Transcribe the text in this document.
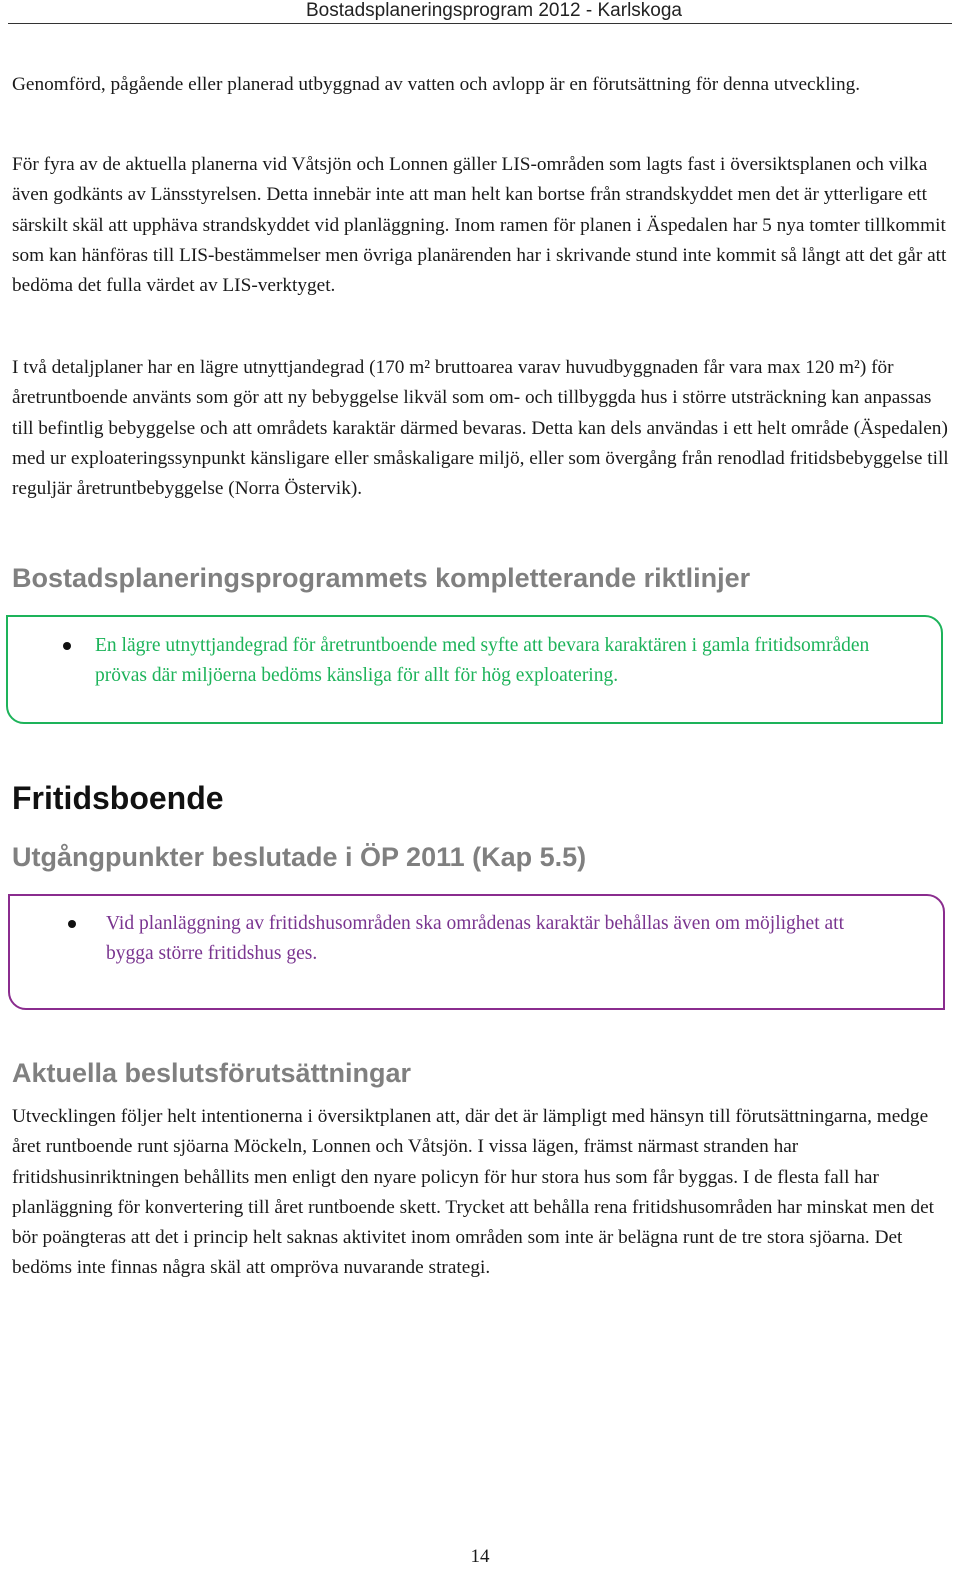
Bostadsplaneringsprogram 2012 - Karlskoga

Genomförd, pågående eller planerad utbyggnad av vatten och avlopp är en förutsättning för denna utveckling.

För fyra av de aktuella planerna vid Våtsjön och Lonnen gäller LIS-områden som lagts fast i översiktsplanen och vilka även godkänts av Länsstyrelsen. Detta innebär inte att man helt kan bortse från strandskyddet men det är ytterligare ett särskilt skäl att upphäva strandskyddet vid planläggning. Inom ramen för planen i Äspedalen har 5 nya tomter tillkommit som kan hänföras till LIS-bestämmelser men övriga planärenden har i skrivande stund inte kommit så långt att det går att bedöma det fulla värdet av LIS-verktyget.

I två detaljplaner har en lägre utnyttjandegrad (170 m² bruttoarea varav huvudbyggnaden får vara max 120 m²) för åretruntboende använts som gör att ny bebyggelse likväl som om- och tillbyggda hus i större utsträckning kan anpassas till befintlig bebyggelse och att områdets karaktär därmed bevaras. Detta kan dels användas i ett helt område (Äspedalen) med ur exploateringssynpunkt känsligare eller småskaligare miljö, eller som övergång från renodlad fritidsbebyggelse till reguljär åretruntbebyggelse (Norra Östervik).

Bostadsplaneringsprogrammets kompletterande riktlinjer
En lägre utnyttjandegrad för åretruntboende med syfte att bevara karaktären i gamla fritidsområden prövas där miljöerna bedöms känsliga för allt för hög exploatering.
Fritidsboende
Utgångpunkter beslutade i ÖP 2011 (Kap 5.5)
Vid planläggning av fritidshusområden ska områdenas karaktär behållas även om möjlighet att bygga större fritidshus ges.
Aktuella beslutsförutsättningar

Utvecklingen följer helt intentionerna i översiktplanen att, där det är lämpligt med hänsyn till förutsättningarna, medge året runtboende runt sjöarna Möckeln, Lonnen och Våtsjön. I vissa lägen, främst närmast stranden har fritidshusinriktningen behållits men enligt den nyare policyn för hur stora hus som får byggas. I de flesta fall har planläggning för konvertering till året runtboende skett. Trycket att behålla rena fritidshusområden har minskat men det bör poängteras att det i princip helt saknas aktivitet inom områden som inte är belägna runt de tre stora sjöarna. Det bedöms inte finnas några skäl att ompröva nuvarande strategi.

14
